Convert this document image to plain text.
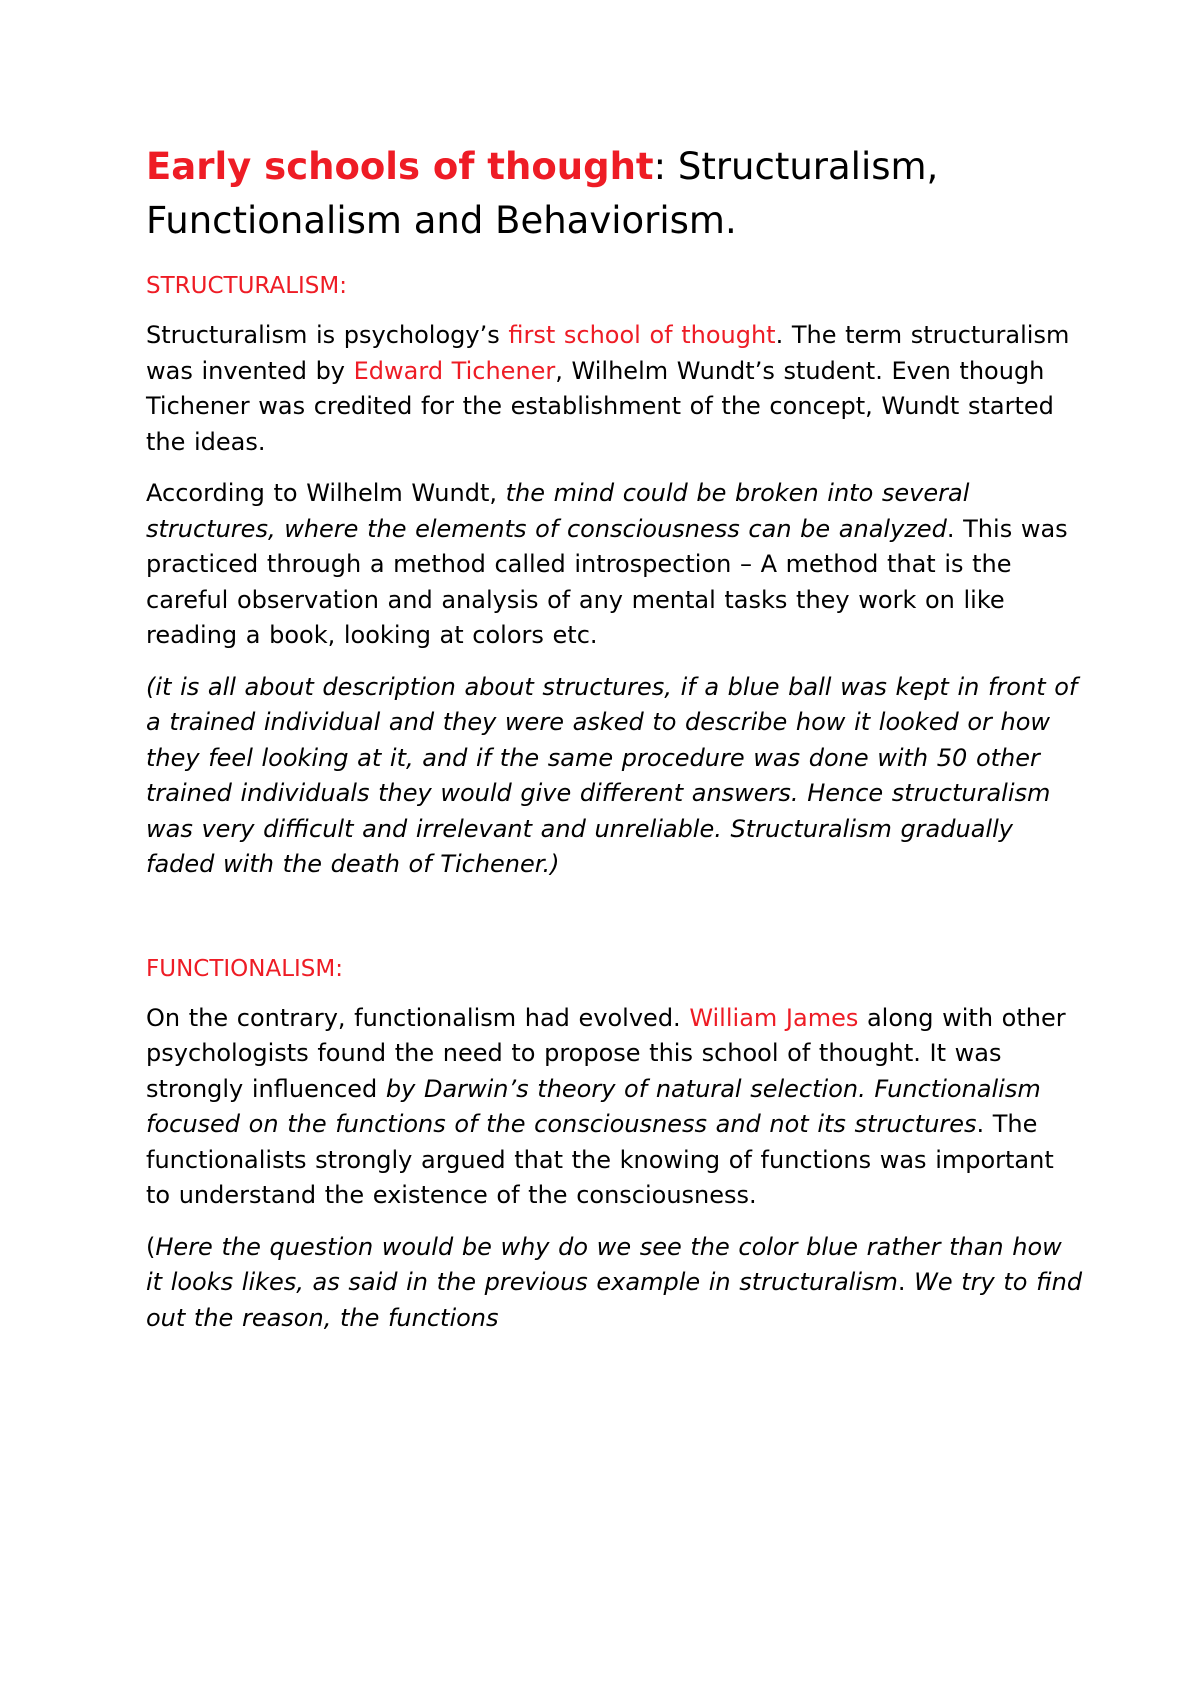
Early schools of thought: Structuralism, Functionalism and Behaviorism.
STRUCTURALISM:

Structuralism is psychology’s first school of thought. The term structuralism was invented by Edward Tichener, Wilhelm Wundt’s student. Even though Tichener was credited for the establishment of the concept, Wundt started the ideas.

According to Wilhelm Wundt, the mind could be broken into several structures, where the elements of consciousness can be analyzed. This was practiced through a method called introspection – A method that is the careful observation and analysis of any mental tasks they work on like reading a book, looking at colors etc.

(it is all about description about structures, if a blue ball was kept in front of a trained individual and they were asked to describe how it looked or how they feel looking at it, and if the same procedure was done with 50 other trained individuals they would give different answers. Hence structuralism was very difficult and irrelevant and unreliable. Structuralism gradually faded with the death of Tichener.)

FUNCTIONALISM:

On the contrary, functionalism had evolved. William James along with other psychologists found the need to propose this school of thought. It was strongly influenced by Darwin’s theory of natural selection. Functionalism focused on the functions of the consciousness and not its structures. The functionalists strongly argued that the knowing of functions was important to understand the existence of the consciousness.

(Here the question would be why do we see the color blue rather than how it looks likes, as said in the previous example in structuralism. We try to find out the reason, the functions
